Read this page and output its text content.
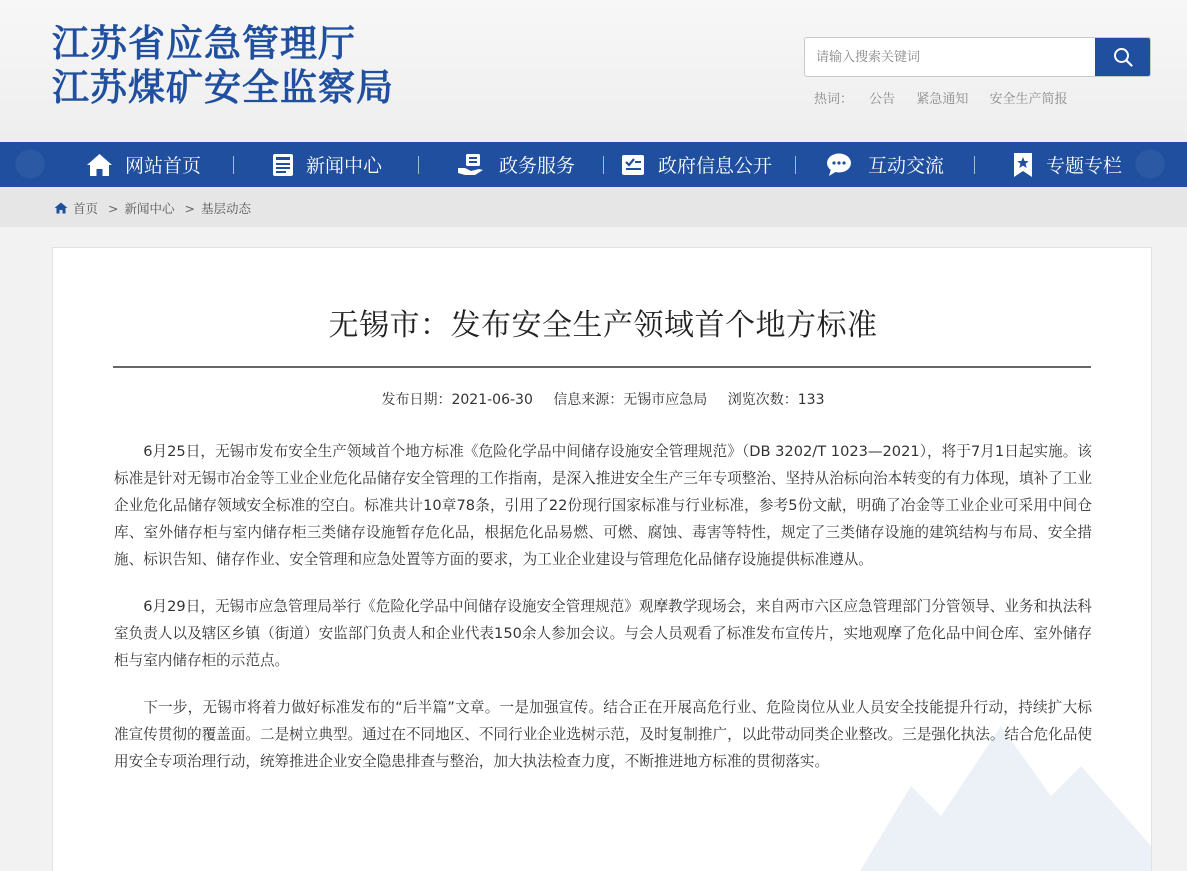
江苏省应急管理厅
江苏煤矿安全监察局
请输入搜索关键词	热词： 公告 紧急通知 安全生产简报
网站首页	新闻中心	政务服务	政府信息公开	互动交流	专题专栏
首页 > 新闻中心 > 基层动态
无锡市：发布安全生产领域首个地方标准
发布日期：2021-06-30 信息来源：无锡市应急局 浏览次数：133

6月25日，无锡市发布安全生产领域首个地方标准《危险化学品中间储存设施安全管理规范》（DB 3202/T 1023—2021），将于7月1日起实施。该标准是针对无锡市冶金等工业企业危化品储存安全管理的工作指南，是深入推进安全生产三年专项整治、坚持从治标向治本转变的有力体现，填补了工业企业危化品储存领域安全标准的空白。标准共计10章78条，引用了22份现行国家标准与行业标准，参考5份文献，明确了冶金等工业企业可采用中间仓库、室外储存柜与室内储存柜三类储存设施暂存危化品，根据危化品易燃、可燃、腐蚀、毒害等特性，规定了三类储存设施的建筑结构与布局、安全措施、标识告知、储存作业、安全管理和应急处置等方面的要求，为工业企业建设与管理危化品储存设施提供标准遵从。

6月29日，无锡市应急管理局举行《危险化学品中间储存设施安全管理规范》观摩教学现场会，来自两市六区应急管理部门分管领导、业务和执法科室负责人以及辖区乡镇（街道）安监部门负责人和企业代表150余人参加会议。与会人员观看了标准发布宣传片，实地观摩了危化品中间仓库、室外储存柜与室内储存柜的示范点。

下一步，无锡市将着力做好标准发布的“后半篇”文章。一是加强宣传。结合正在开展高危行业、危险岗位从业人员安全技能提升行动，持续扩大标准宣传贯彻的覆盖面。二是树立典型。通过在不同地区、不同行业企业选树示范，及时复制推广，以此带动同类企业整改。三是强化执法。结合危化品使用安全专项治理行动，统筹推进企业安全隐患排查与整治，加大执法检查力度，不断推进地方标准的贯彻落实。
